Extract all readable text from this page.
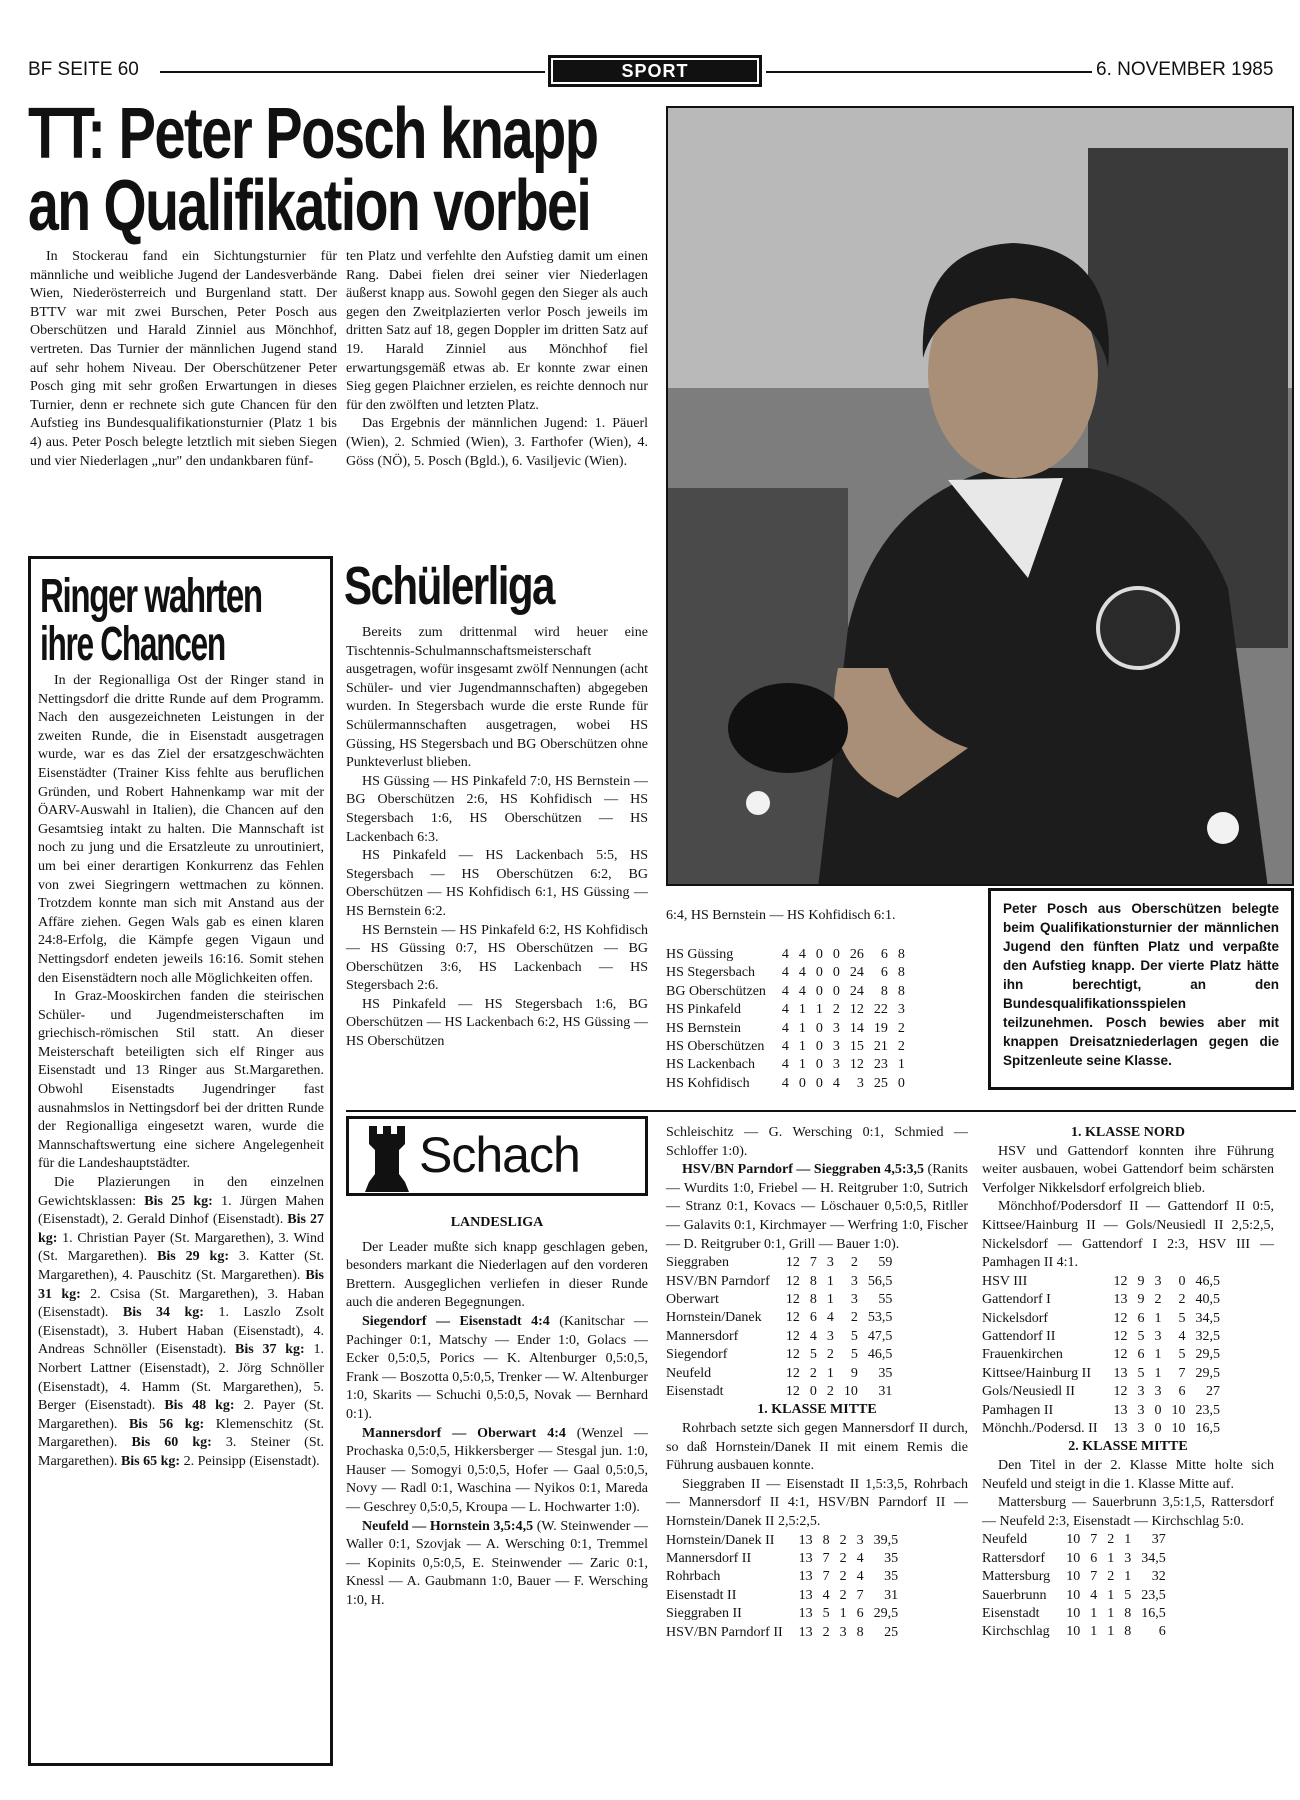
BF SEITE 60	SPORT	6. NOVEMBER 1985
TT: Peter Posch knapp
an Qualifikation vorbei
In Stockerau fand ein Sichtungsturnier für männliche und weibliche Jugend der Landesverbände Wien, Niederösterreich und Burgenland statt. Der BTTV war mit zwei Burschen, Peter Posch aus Oberschützen und Harald Zinniel aus Mönchhof, vertreten. Das Turnier der männlichen Jugend stand auf sehr hohem Niveau. Der Oberschützener Peter Posch ging mit sehr großen Erwartungen in dieses Turnier, denn er rechnete sich gute Chancen für den Aufstieg ins Bundesqualifikationsturnier (Platz 1 bis 4) aus. Peter Posch belegte letztlich mit sieben Siegen und vier Niederlagen „nur" den undankbaren fünf-
ten Platz und verfehlte den Aufstieg damit um einen Rang. Dabei fielen drei seiner vier Niederlagen äußerst knapp aus. Sowohl gegen den Sieger als auch gegen den Zweitplazierten verlor Posch jeweils im dritten Satz auf 18, gegen Doppler im dritten Satz auf 19. Harald Zinniel aus Mönchhof fiel erwartungsgemäß etwas ab. Er konnte zwar einen Sieg gegen Plaichner erzielen, es reichte dennoch nur für den zwölften und letzten Platz.
Das Ergebnis der männlichen Jugend: 1. Päuerl (Wien), 2. Schmied (Wien), 3. Farthofer (Wien), 4. Göss (NÖ), 5. Posch (Bgld.), 6. Vasiljevic (Wien).
Peter Posch aus Oberschützen belegte beim Qualifikationsturnier der männlichen Jugend den fünften Platz und verpaßte den Aufstieg knapp. Der vierte Platz hätte ihn berechtigt, an den Bundesqualifikationsspielen teilzunehmen. Posch bewies aber mit knappen Dreisatzniederlagen gegen die Spitzenleute seine Klasse.
Ringer wahrten
ihre Chancen
In der Regionalliga Ost der Ringer stand in Nettingsdorf die dritte Runde auf dem Programm. Nach den ausgezeichneten Leistungen in der zweiten Runde, die in Eisenstadt ausgetragen wurde, war es das Ziel der ersatzgeschwächten Eisenstädter (Trainer Kiss fehlte aus beruflichen Gründen, und Robert Hahnenkamp war mit der ÖARV-Auswahl in Italien), die Chancen auf den Gesamtsieg intakt zu halten. Die Mannschaft ist noch zu jung und die Ersatzleute zu unroutiniert, um bei einer derartigen Konkurrenz das Fehlen von zwei Siegringern wettmachen zu können. Trotzdem konnte man sich mit Anstand aus der Affäre ziehen. Gegen Wals gab es einen klaren 24:8-Erfolg, die Kämpfe gegen Vigaun und Nettingsdorf endeten jeweils 16:16. Somit stehen den Eisenstädtern noch alle Möglichkeiten offen.
In Graz-Mooskirchen fanden die steirischen Schüler- und Jugendmeisterschaften im griechisch-römischen Stil statt. An dieser Meisterschaft beteiligten sich elf Ringer aus Eisenstadt und 13 Ringer aus St.Margarethen. Obwohl Eisenstadts Jugendringer fast ausnahmslos in Nettingsdorf bei der dritten Runde der Regionalliga eingesetzt waren, wurde die Mannschaftswertung eine sichere Angelegenheit für die Landeshauptstädter.
Die Plazierungen in den einzelnen Gewichtsklassen: Bis 25 kg: 1. Jürgen Mahen (Eisenstadt), 2. Gerald Dinhof (Eisenstadt). Bis 27 kg: 1. Christian Payer (St. Margarethen), 3. Wind (St. Margarethen). Bis 29 kg: 3. Katter (St. Margarethen), 4. Pauschitz (St. Margarethen). Bis 31 kg: 2. Csisa (St. Margarethen), 3. Haban (Eisenstadt). Bis 34 kg: 1. Laszlo Zsolt (Eisenstadt), 3. Hubert Haban (Eisenstadt), 4. Andreas Schnöller (Eisenstadt). Bis 37 kg: 1. Norbert Lattner (Eisenstadt), 2. Jörg Schnöller (Eisenstadt), 4. Hamm (St. Margarethen), 5. Berger (Eisenstadt). Bis 48 kg: 2. Payer (St. Margarethen). Bis 56 kg: Klemenschitz (St. Margarethen). Bis 60 kg: 3. Steiner (St. Margarethen). Bis 65 kg: 2. Peinsipp (Eisenstadt).
Schülerliga
Bereits zum drittenmal wird heuer eine Tischtennis-Schulmannschaftsmeisterschaft ausgetragen, wofür insgesamt zwölf Nennungen (acht Schüler- und vier Jugendmannschaften) abgegeben wurden. In Stegersbach wurde die erste Runde für Schülermannschaften ausgetragen, wobei HS Güssing, HS Stegersbach und BG Oberschützen ohne Punkteverlust blieben.
HS Güssing — HS Pinkafeld 7:0, HS Bernstein — BG Oberschützen 2:6, HS Kohfidisch — HS Stegersbach 1:6, HS Oberschützen — HS Lackenbach 6:3.
HS Pinkafeld — HS Lackenbach 5:5, HS Stegersbach — HS Oberschützen 6:2, BG Oberschützen — HS Kohfidisch 6:1, HS Güssing — HS Bernstein 6:2.
HS Bernstein — HS Pinkafeld 6:2, HS Kohfidisch — HS Güssing 0:7, HS Oberschützen — BG Oberschützen 3:6, HS Lackenbach — HS Stegersbach 2:6.
HS Pinkafeld — HS Stegersbach 1:6, BG Oberschützen — HS Lackenbach 6:2, HS Güssing — HS Oberschützen
6:4, HS Bernstein — HS Kohfidisch 6:1.
HS Güssing	4	4	0	0	26	6	8
HS Stegersbach	4	4	0	0	24	6	8
BG Oberschützen	4	4	0	0	24	8	8
HS Pinkafeld	4	1	1	2	12	22	3
HS Bernstein	4	1	0	3	14	19	2
HS Oberschützen	4	1	0	3	15	21	2
HS Lackenbach	4	1	0	3	12	23	1
HS Kohfidisch	4	0	0	4	3	25	0
Schach
LANDESLIGA
Der Leader mußte sich knapp geschlagen geben, besonders markant die Niederlagen auf den vorderen Brettern. Ausgeglichen verliefen in dieser Runde auch die anderen Begegnungen.
Siegendorf — Eisenstadt 4:4 (Kanitschar — Pachinger 0:1, Matschy — Ender 1:0, Golacs — Ecker 0,5:0,5, Porics — K. Altenburger 0,5:0,5, Frank — Boszotta 0,5:0,5, Trenker — W. Altenburger 1:0, Skarits — Schuchi 0,5:0,5, Novak — Bernhard 0:1).
Mannersdorf — Oberwart 4:4 (Wenzel — Prochaska 0,5:0,5, Hikkersberger — Stesgal jun. 1:0, Hauser — Somogyi 0,5:0,5, Hofer — Gaal 0,5:0,5, Novy — Radl 0:1, Waschina — Nyikos 0:1, Mareda — Geschrey 0,5:0,5, Kroupa — L. Hochwarter 1:0).
Neufeld — Hornstein 3,5:4,5 (W. Steinwender — Waller 0:1, Szovjak — A. Wersching 0:1, Tremmel — Kopinits 0,5:0,5, E. Steinwender — Zaric 0:1, Knessl — A. Gaubmann 1:0, Bauer — F. Wersching 1:0, H.
Schleischitz — G. Wersching 0:1, Schmied — Schloffer 1:0).
HSV/BN Parndorf — Sieggraben 4,5:3,5 (Ranits — Wurdits 1:0, Friebel — H. Reitgruber 1:0, Sutrich — Stranz 0:1, Kovacs — Löschauer 0,5:0,5, Ritller — Galavits 0:1, Kirchmayer — Werfring 1:0, Fischer — D. Reitgruber 0:1, Grill — Bauer 1:0).
Sieggraben	12	7	3	2	59
HSV/BN Parndorf	12	8	1	3	56,5
Oberwart	12	8	1	3	55
Hornstein/Danek	12	6	4	2	53,5
Mannersdorf	12	4	3	5	47,5
Siegendorf	12	5	2	5	46,5
Neufeld	12	2	1	9	35
Eisenstadt	12	0	2	10	31
1. KLASSE MITTE
Rohrbach setzte sich gegen Mannersdorf II durch, so daß Hornstein/Danek II mit einem Remis die Führung ausbauen konnte.
Sieggraben II — Eisenstadt II 1,5:3,5, Rohrbach — Mannersdorf II 4:1, HSV/BN Parndorf II — Hornstein/Danek II 2,5:2,5.
Hornstein/Danek II	13	8	2	3	39,5
Mannersdorf II	13	7	2	4	35
Rohrbach	13	7	2	4	35
Eisenstadt II	13	4	2	7	31
Sieggraben II	13	5	1	6	29,5
HSV/BN Parndorf II	13	2	3	8	25
1. KLASSE NORD
HSV und Gattendorf konnten ihre Führung weiter ausbauen, wobei Gattendorf beim schärsten Verfolger Nikkelsdorf erfolgreich blieb.
Mönchhof/Podersdorf II — Gattendorf II 0:5, Kittsee/Hainburg II — Gols/Neusiedl II 2,5:2,5, Nickelsdorf — Gattendorf I 2:3, HSV III — Pamhagen II 4:1.
HSV III	12	9	3	0	46,5
Gattendorf I	13	9	2	2	40,5
Nickelsdorf	12	6	1	5	34,5
Gattendorf II	12	5	3	4	32,5
Frauenkirchen	12	6	1	5	29,5
Kittsee/Hainburg II	13	5	1	7	29,5
Gols/Neusiedl II	12	3	3	6	27
Pamhagen II	13	3	0	10	23,5
Mönchh./Podersd. II	13	3	0	10	16,5
2. KLASSE MITTE
Den Titel in der 2. Klasse Mitte holte sich Neufeld und steigt in die 1. Klasse Mitte auf.
Mattersburg — Sauerbrunn 3,5:1,5, Rattersdorf — Neufeld 2:3, Eisenstadt — Kirchschlag 5:0.
Neufeld	10	7	2	1	37
Rattersdorf	10	6	1	3	34,5
Mattersburg	10	7	2	1	32
Sauerbrunn	10	4	1	5	23,5
Eisenstadt	10	1	1	8	16,5
Kirchschlag	10	1	1	8	6
